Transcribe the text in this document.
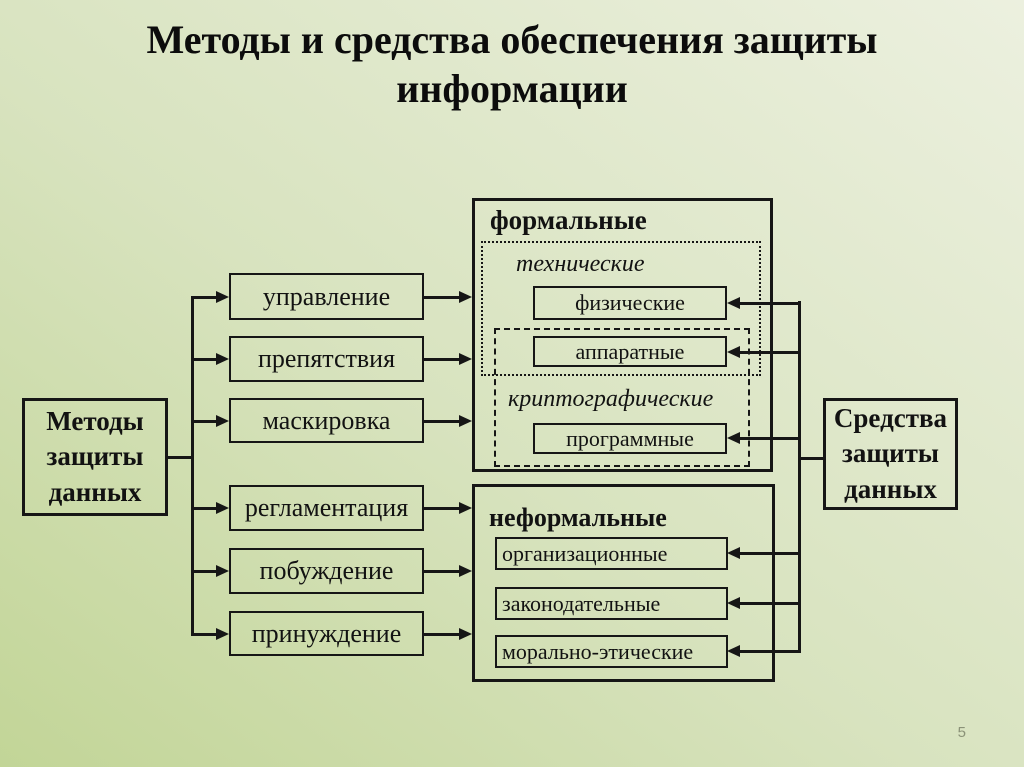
Методы и средства обеспечения защиты информации
Методы защиты данных
управление
препятствия
маскировка
регламентация
побуждение
принуждение
формальные
технические
криптографические
физические
аппаратные
программные
неформальные
организационные
законодательные
морально-этические
Средства защиты данных
5
